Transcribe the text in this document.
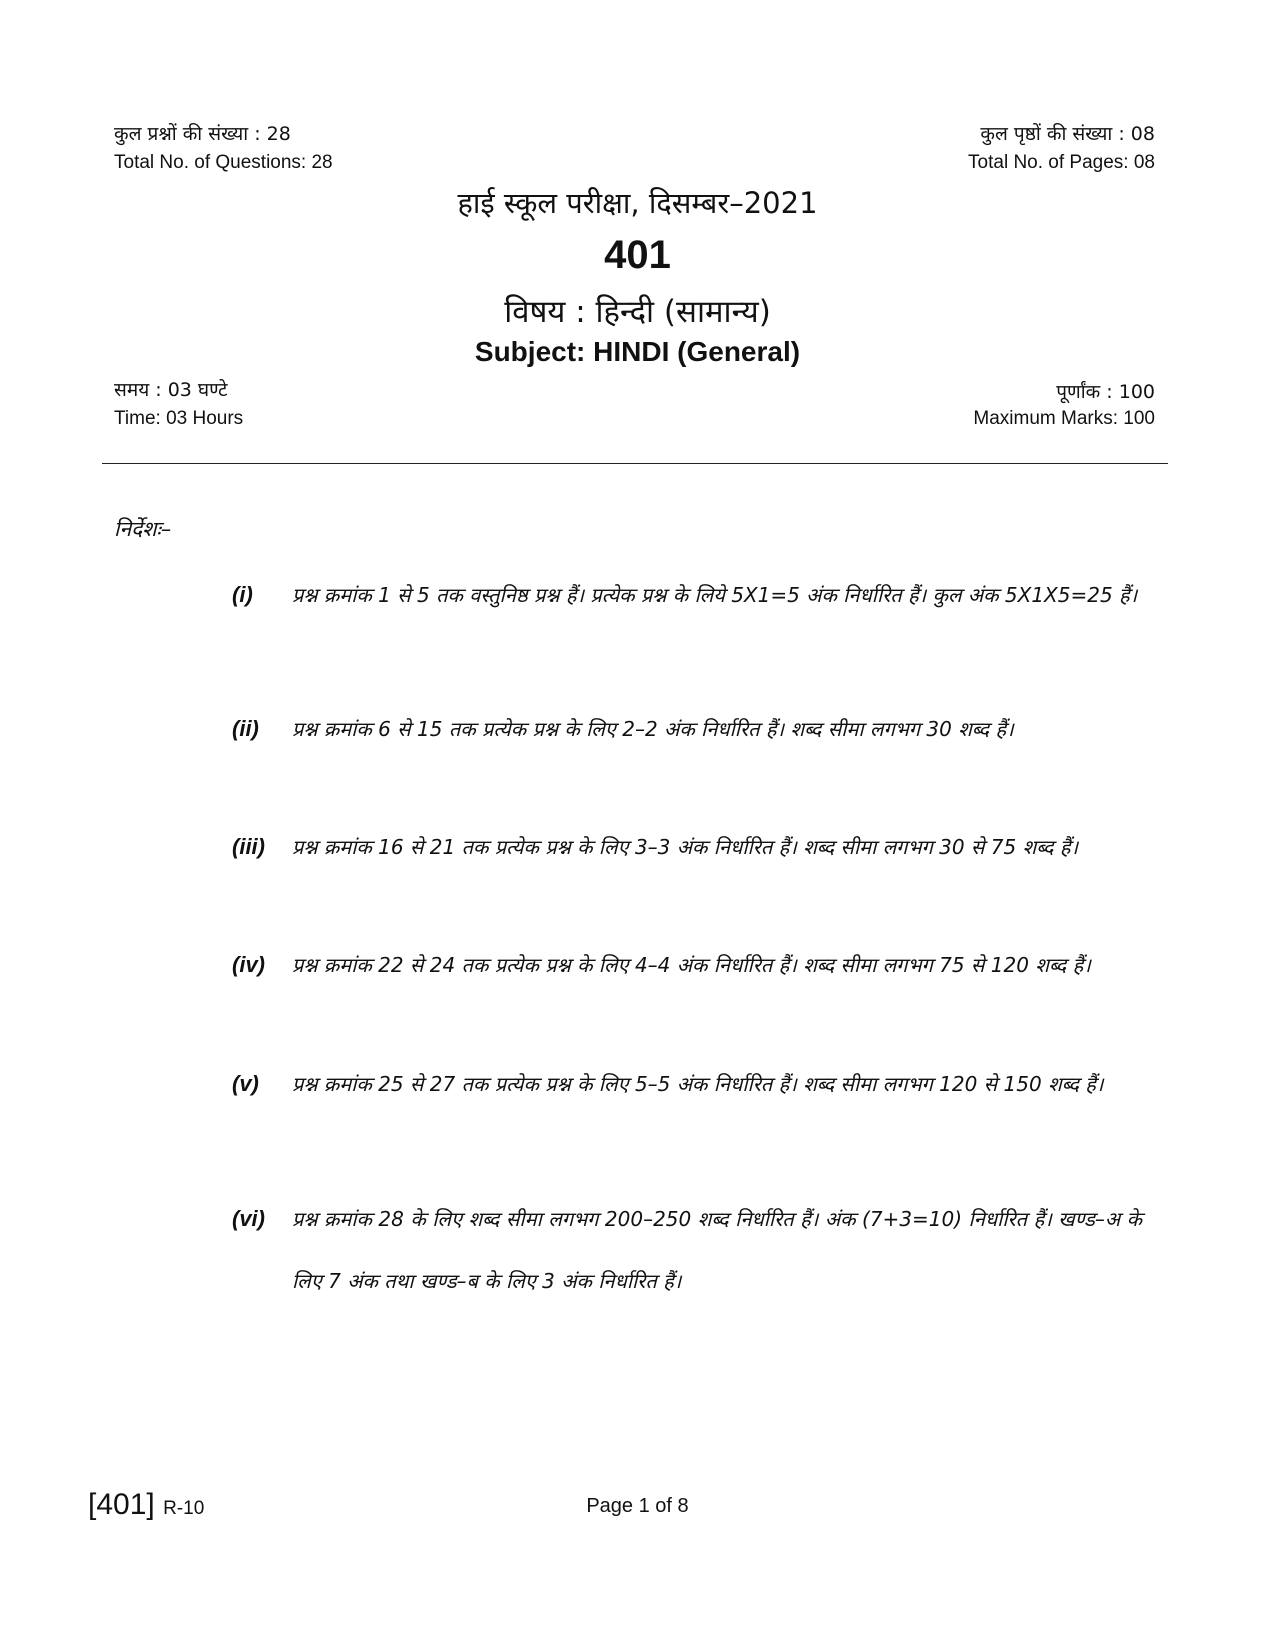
कुल प्रश्नों की संख्या : 28
Total No. of Questions: 28
कुल पृष्ठों की संख्या : 08
Total No. of Pages: 08
हाई स्कूल परीक्षा, दिसम्बर–2021
401
विषय : हिन्दी (सामान्य)
Subject: HINDI (General)
समय : 03 घण्टे
Time: 03 Hours
पूर्णांक : 100
Maximum Marks: 100
निर्देशः–
(i) प्रश्न क्रमांक 1 से 5 तक वस्तुनिष्ठ प्रश्न हैं। प्रत्येक प्रश्न के लिये 5X1=5 अंक निर्धारित हैं। कुल अंक 5X1X5=25 हैं।
(ii) प्रश्न क्रमांक 6 से 15 तक प्रत्येक प्रश्न के लिए 2–2 अंक निर्धारित हैं। शब्द सीमा लगभग 30 शब्द हैं।
(iii) प्रश्न क्रमांक 16 से 21 तक प्रत्येक प्रश्न के लिए 3–3 अंक निर्धारित हैं। शब्द सीमा लगभग 30 से 75 शब्द हैं।
(iv) प्रश्न क्रमांक 22 से 24 तक प्रत्येक प्रश्न के लिए 4–4 अंक निर्धारित हैं। शब्द सीमा लगभग 75 से 120 शब्द हैं।
(v) प्रश्न क्रमांक 25 से 27 तक प्रत्येक प्रश्न के लिए 5–5 अंक निर्धारित हैं। शब्द सीमा लगभग 120 से 150 शब्द हैं।
(vi) प्रश्न क्रमांक 28 के लिए शब्द सीमा लगभग 200–250 शब्द निर्धारित हैं। अंक (7+3=10) निर्धारित हैं। खण्ड–अ के लिए 7 अंक तथा खण्ड–ब के लिए 3 अंक निर्धारित हैं।
[401] R-10	Page 1 of 8
